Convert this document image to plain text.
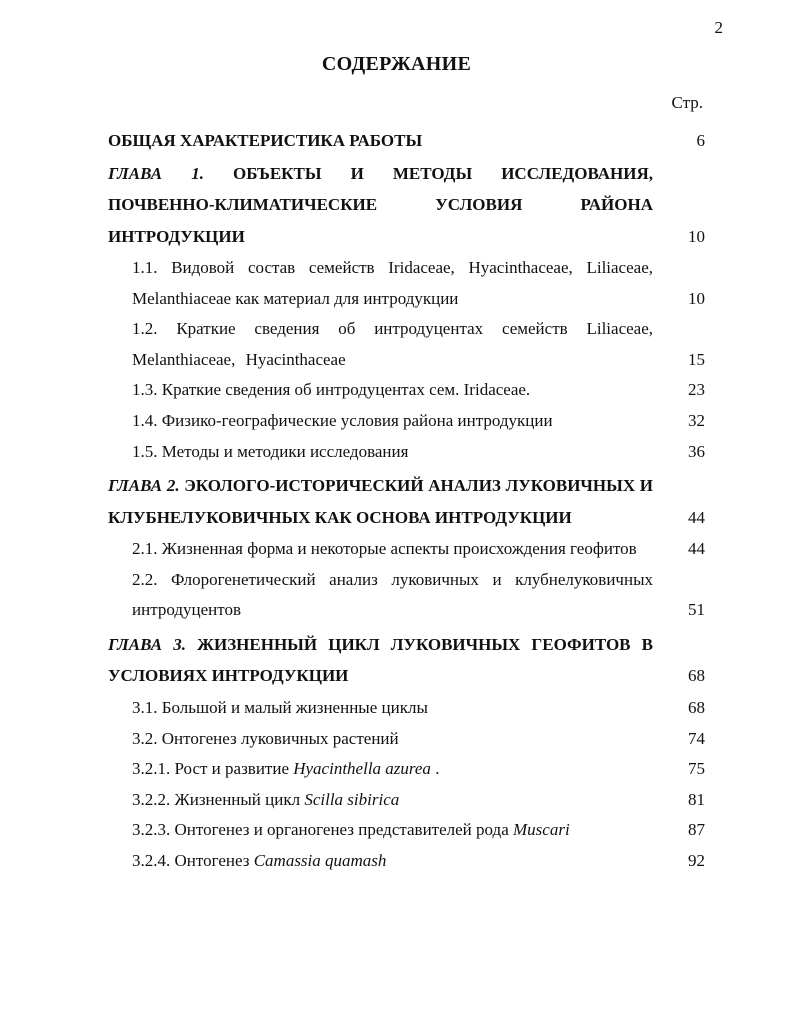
2
СОДЕРЖАНИЕ
Стр.
ОБЩАЯ ХАРАКТЕРИСТИКА РАБОТЫ	6
ГЛАВА 1. ОБЪЕКТЫ И МЕТОДЫ ИССЛЕДОВАНИЯ, ПОЧВЕННО-КЛИМАТИЧЕСКИЕ УСЛОВИЯ РАЙОНА ИНТРОДУКЦИИ	10
1.1. Видовой состав семейств Iridaceae, Hyacinthaceae, Liliaceae, Melanthiaceae как материал для интродукции	10
1.2. Краткие сведения об интродуцентах семейств Liliaceae, Melanthiaceae, Hyacinthaceae	15
1.3. Краткие сведения об интродуцентах сем. Iridaceae.	23
1.4. Физико-географические условия района интродукции	32
1.5. Методы и методики исследования	36
ГЛАВА 2. ЭКОЛОГО-ИСТОРИЧЕСКИЙ АНАЛИЗ ЛУКОВИЧНЫХ И КЛУБНЕЛУКОВИЧНЫХ КАК ОСНОВА ИНТРОДУКЦИИ	44
2.1. Жизненная форма и некоторые аспекты происхождения геофитов	44
2.2. Флорогенетический анализ луковичных и клубнелуковичных интродуцентов	51
ГЛАВА 3. ЖИЗНЕННЫЙ ЦИКЛ ЛУКОВИЧНЫХ ГЕОФИТОВ В УСЛОВИЯХ ИНТРОДУКЦИИ	68
3.1. Большой и малый жизненные циклы	68
3.2. Онтогенез луковичных растений	74
3.2.1. Рост и развитие Hyacinthella azurea .	75
3.2.2. Жизненный цикл Scilla sibirica	81
3.2.3. Онтогенез и органогенез представителей рода Muscari	87
3.2.4. Онтогенез Camassia quamash	92
